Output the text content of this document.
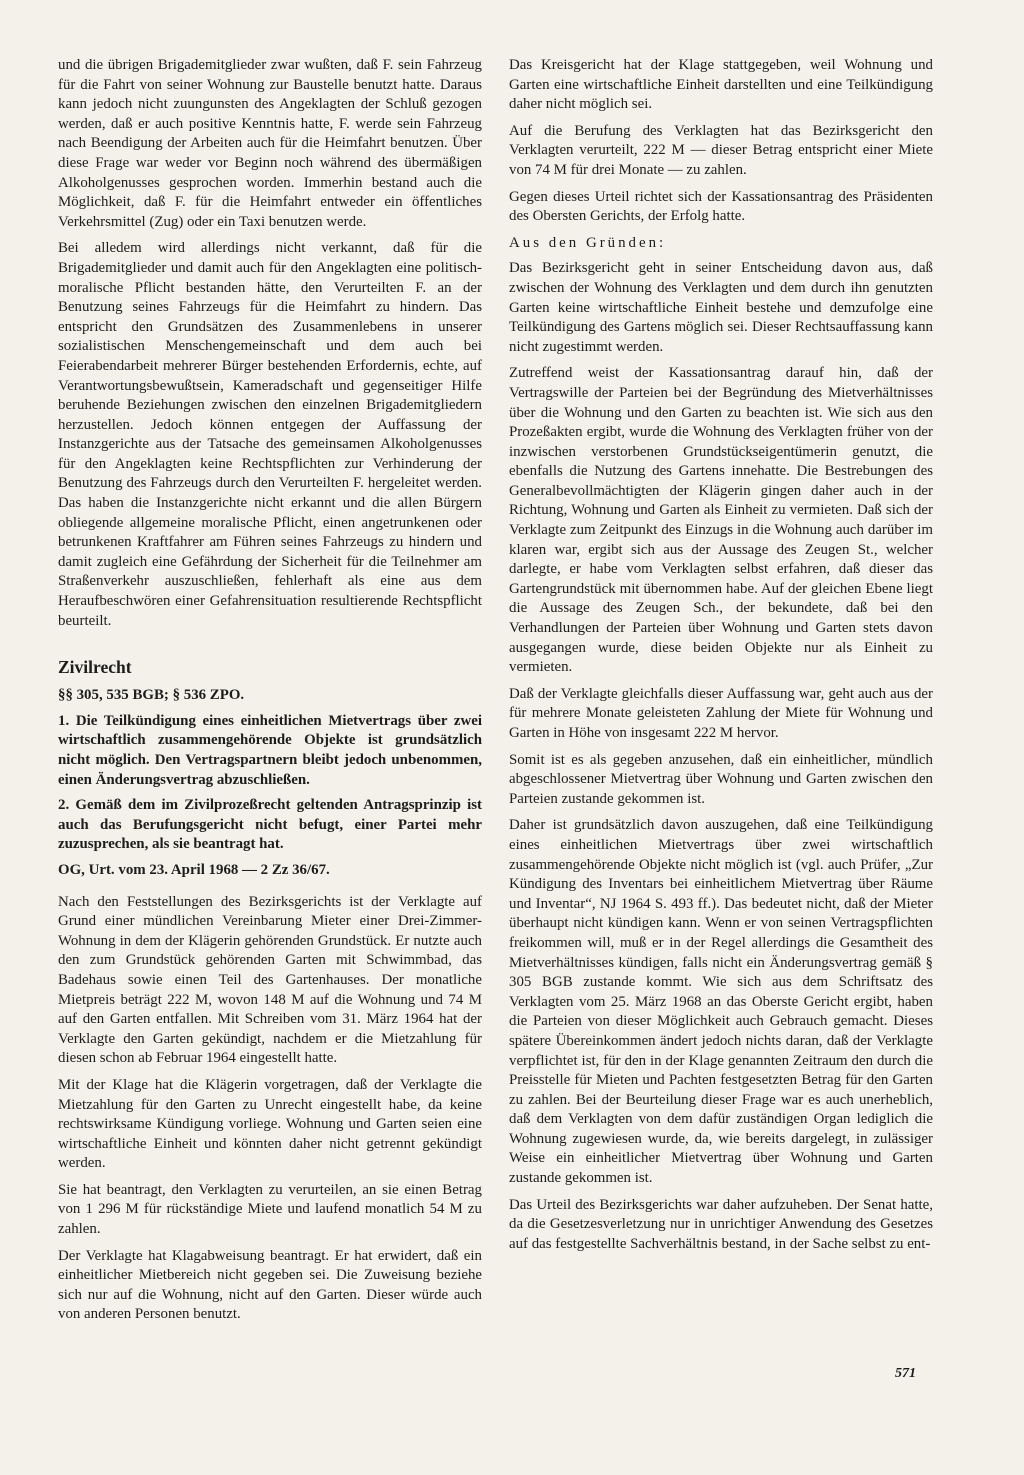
und die übrigen Brigademitglieder zwar wußten, daß F. sein Fahrzeug für die Fahrt von seiner Wohnung zur Baustelle benutzt hatte. Daraus kann jedoch nicht zuungunsten des Angeklagten der Schluß gezogen werden, daß er auch positive Kenntnis hatte, F. werde sein Fahrzeug nach Beendigung der Arbeiten auch für die Heimfahrt benutzen. Über diese Frage war weder vor Beginn noch während des übermäßigen Alkoholgenusses gesprochen worden. Immerhin bestand auch die Möglichkeit, daß F. für die Heimfahrt entweder ein öffentliches Verkehrsmittel (Zug) oder ein Taxi benutzen werde.

Bei alledem wird allerdings nicht verkannt, daß für die Brigademitglieder und damit auch für den Angeklagten eine politisch-moralische Pflicht bestanden hätte, den Verurteilten F. an der Benutzung seines Fahrzeugs für die Heimfahrt zu hindern. Das entspricht den Grundsätzen des Zusammenlebens in unserer sozialistischen Menschengemeinschaft und dem auch bei Feierabendarbeit mehrerer Bürger bestehenden Erfordernis, echte, auf Verantwortungsbewußtsein, Kameradschaft und gegenseitiger Hilfe beruhende Beziehungen zwischen den einzelnen Brigademitgliedern herzustellen. Jedoch können entgegen der Auffassung der Instanzgerichte aus der Tatsache des gemeinsamen Alkoholgenusses für den Angeklagten keine Rechtspflichten zur Verhinderung der Benutzung des Fahrzeugs durch den Verurteilten F. hergeleitet werden. Das haben die Instanzgerichte nicht erkannt und die allen Bürgern obliegende allgemeine moralische Pflicht, einen angetrunkenen oder betrunkenen Kraftfahrer am Führen seines Fahrzeugs zu hindern und damit zugleich eine Gefährdung der Sicherheit für die Teilnehmer am Straßenverkehr auszuschließen, fehlerhaft als eine aus dem Heraufbeschwören einer Gefahrensituation resultierende Rechtspflicht beurteilt.

Zivilrecht

§§ 305, 535 BGB; § 536 ZPO.

1. Die Teilkündigung eines einheitlichen Mietvertrags über zwei wirtschaftlich zusammengehörende Objekte ist grundsätzlich nicht möglich. Den Vertragspartnern bleibt jedoch unbenommen, einen Änderungsvertrag abzuschließen.

2. Gemäß dem im Zivilprozeßrecht geltenden Antragsprinzip ist auch das Berufungsgericht nicht befugt, einer Partei mehr zuzusprechen, als sie beantragt hat.

OG, Urt. vom 23. April 1968 — 2 Zz 36/67.

Nach den Feststellungen des Bezirksgerichts ist der Verklagte auf Grund einer mündlichen Vereinbarung Mieter einer Drei-Zimmer-Wohnung in dem der Klägerin gehörenden Grundstück. Er nutzte auch den zum Grundstück gehörenden Garten mit Schwimmbad, das Badehaus sowie einen Teil des Gartenhauses. Der monatliche Mietpreis beträgt 222 M, wovon 148 M auf die Wohnung und 74 M auf den Garten entfallen. Mit Schreiben vom 31. März 1964 hat der Verklagte den Garten gekündigt, nachdem er die Mietzahlung für diesen schon ab Februar 1964 eingestellt hatte.

Mit der Klage hat die Klägerin vorgetragen, daß der Verklagte die Mietzahlung für den Garten zu Unrecht eingestellt habe, da keine rechtswirksame Kündigung vorliege. Wohnung und Garten seien eine wirtschaftliche Einheit und könnten daher nicht getrennt gekündigt werden.

Sie hat beantragt, den Verklagten zu verurteilen, an sie einen Betrag von 1 296 M für rückständige Miete und laufend monatlich 54 M zu zahlen.

Der Verklagte hat Klagabweisung beantragt. Er hat erwidert, daß ein einheitlicher Mietbereich nicht gegeben sei. Die Zuweisung beziehe sich nur auf die Wohnung, nicht auf den Garten. Dieser würde auch von anderen Personen benutzt.

Das Kreisgericht hat der Klage stattgegeben, weil Wohnung und Garten eine wirtschaftliche Einheit darstellten und eine Teilkündigung daher nicht möglich sei.

Auf die Berufung des Verklagten hat das Bezirksgericht den Verklagten verurteilt, 222 M — dieser Betrag entspricht einer Miete von 74 M für drei Monate — zu zahlen.

Gegen dieses Urteil richtet sich der Kassationsantrag des Präsidenten des Obersten Gerichts, der Erfolg hatte.

Aus den Gründen:

Das Bezirksgericht geht in seiner Entscheidung davon aus, daß zwischen der Wohnung des Verklagten und dem durch ihn genutzten Garten keine wirtschaftliche Einheit bestehe und demzufolge eine Teilkündigung des Gartens möglich sei. Dieser Rechtsauffassung kann nicht zugestimmt werden.

Zutreffend weist der Kassationsantrag darauf hin, daß der Vertragswille der Parteien bei der Begründung des Mietverhältnisses über die Wohnung und den Garten zu beachten ist. Wie sich aus den Prozeßakten ergibt, wurde die Wohnung des Verklagten früher von der inzwischen verstorbenen Grundstückseigentümerin genutzt, die ebenfalls die Nutzung des Gartens innehatte. Die Bestrebungen des Generalbevollmächtigten der Klägerin gingen daher auch in der Richtung, Wohnung und Garten als Einheit zu vermieten. Daß sich der Verklagte zum Zeitpunkt des Einzugs in die Wohnung auch darüber im klaren war, ergibt sich aus der Aussage des Zeugen St., welcher darlegte, er habe vom Verklagten selbst erfahren, daß dieser das Gartengrundstück mit übernommen habe. Auf der gleichen Ebene liegt die Aussage des Zeugen Sch., der bekundete, daß bei den Verhandlungen der Parteien über Wohnung und Garten stets davon ausgegangen wurde, diese beiden Objekte nur als Einheit zu vermieten.

Daß der Verklagte gleichfalls dieser Auffassung war, geht auch aus der für mehrere Monate geleisteten Zahlung der Miete für Wohnung und Garten in Höhe von insgesamt 222 M hervor.

Somit ist es als gegeben anzusehen, daß ein einheitlicher, mündlich abgeschlossener Mietvertrag über Wohnung und Garten zwischen den Parteien zustande gekommen ist.

Daher ist grundsätzlich davon auszugehen, daß eine Teilkündigung eines einheitlichen Mietvertrags über zwei wirtschaftlich zusammengehörende Objekte nicht möglich ist (vgl. auch Prüfer, „Zur Kündigung des Inventars bei einheitlichem Mietvertrag über Räume und Inventar“, NJ 1964 S. 493 ff.). Das bedeutet nicht, daß der Mieter überhaupt nicht kündigen kann. Wenn er von seinen Vertragspflichten freikommen will, muß er in der Regel allerdings die Gesamtheit des Mietverhältnisses kündigen, falls nicht ein Änderungsvertrag gemäß § 305 BGB zustande kommt. Wie sich aus dem Schriftsatz des Verklagten vom 25. März 1968 an das Oberste Gericht ergibt, haben die Parteien von dieser Möglichkeit auch Gebrauch gemacht. Dieses spätere Übereinkommen ändert jedoch nichts daran, daß der Verklagte verpflichtet ist, für den in der Klage genannten Zeitraum den durch die Preisstelle für Mieten und Pachten festgesetzten Betrag für den Garten zu zahlen. Bei der Beurteilung dieser Frage war es auch unerheblich, daß dem Verklagten von dem dafür zuständigen Organ lediglich die Wohnung zugewiesen wurde, da, wie bereits dargelegt, in zulässiger Weise ein einheitlicher Mietvertrag über Wohnung und Garten zustande gekommen ist.

Das Urteil des Bezirksgerichts war daher aufzuheben. Der Senat hatte, da die Gesetzesverletzung nur in unrichtiger Anwendung des Gesetzes auf das festgestellte Sachverhältnis bestand, in der Sache selbst zu ent-

571
